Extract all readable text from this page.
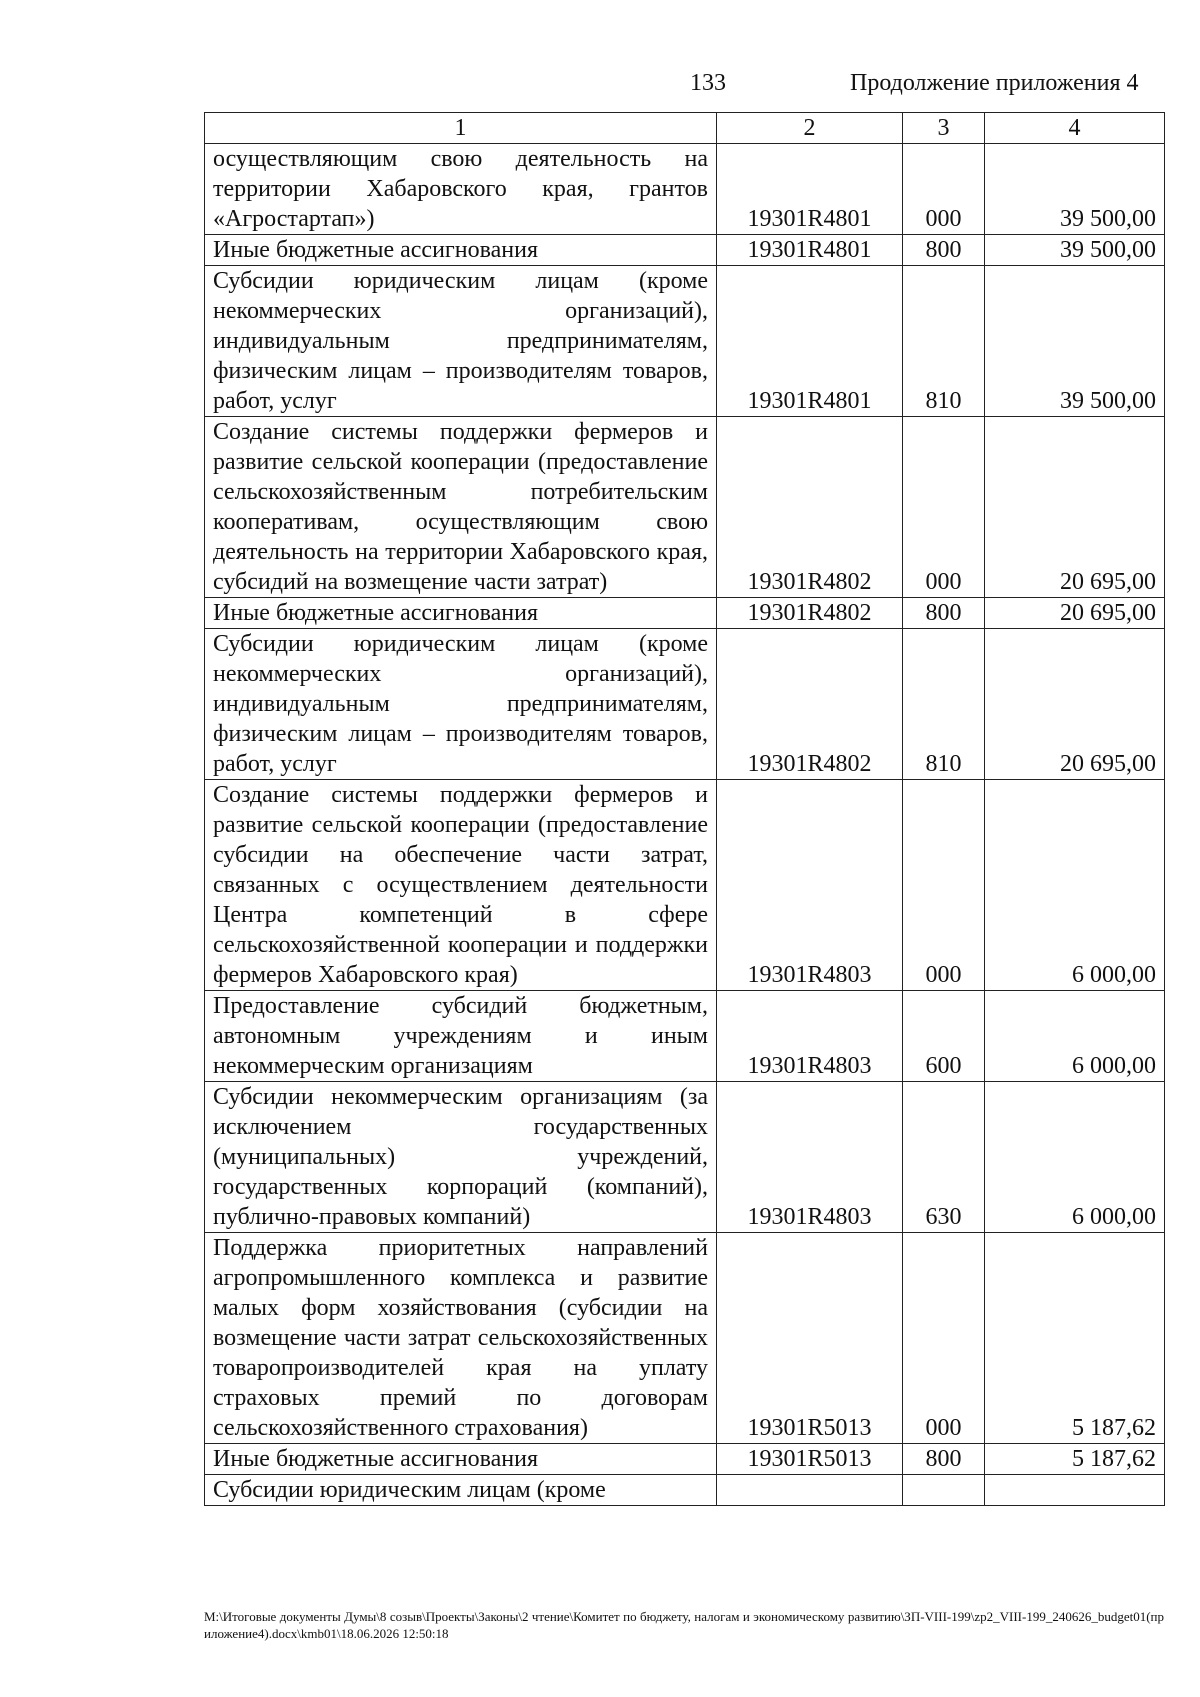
133	Продолжение приложения 4
1	2	3	4
осуществляющим свою деятельность на территории Хабаровского края, грантов «Агростартап»)	19301R4801	000	39 500,00
Иные бюджетные ассигнования	19301R4801	800	39 500,00
Субсидии юридическим лицам (кроме некоммерческих организаций), индивидуальным предпринимателям, физическим лицам – производителям товаров, работ, услуг	19301R4801	810	39 500,00
Создание системы поддержки фермеров и развитие сельской кооперации (предоставление сельскохозяйственным потребительским кооперативам, осуществляющим свою деятельность на территории Хабаровского края, субсидий на возмещение части затрат)	19301R4802	000	20 695,00
Иные бюджетные ассигнования	19301R4802	800	20 695,00
Субсидии юридическим лицам (кроме некоммерческих организаций), индивидуальным предпринимателям, физическим лицам – производителям товаров, работ, услуг	19301R4802	810	20 695,00
Создание системы поддержки фермеров и развитие сельской кооперации (предоставление субсидии на обеспечение части затрат, связанных с осуществлением деятельности Центра компетенций в сфере сельскохозяйственной кооперации и поддержки фермеров Хабаровского края)	19301R4803	000	6 000,00
Предоставление субсидий бюджетным, автономным учреждениям и иным некоммерческим организациям	19301R4803	600	6 000,00
Субсидии некоммерческим организациям (за исключением государственных (муниципальных) учреждений, государственных корпораций (компаний), публично-правовых компаний)	19301R4803	630	6 000,00
Поддержка приоритетных направлений агропромышленного комплекса и развитие малых форм хозяйствования (субсидии на возмещение части затрат сельскохозяйственных товаропроизводителей края на уплату страховых премий по договорам сельскохозяйственного страхования)	19301R5013	000	5 187,62
Иные бюджетные ассигнования	19301R5013	800	5 187,62
Субсидии юридическим лицам (кроме			
M:\Итоговые документы Думы\8 созыв\Проекты\Законы\2 чтение\Комитет по бюджету, налогам и экономическому развитию\ЗП-VIII-199\zp2_VIII-199_240626_budget01(приложение4).docx\kmb01\18.06.2026 12:50:18
